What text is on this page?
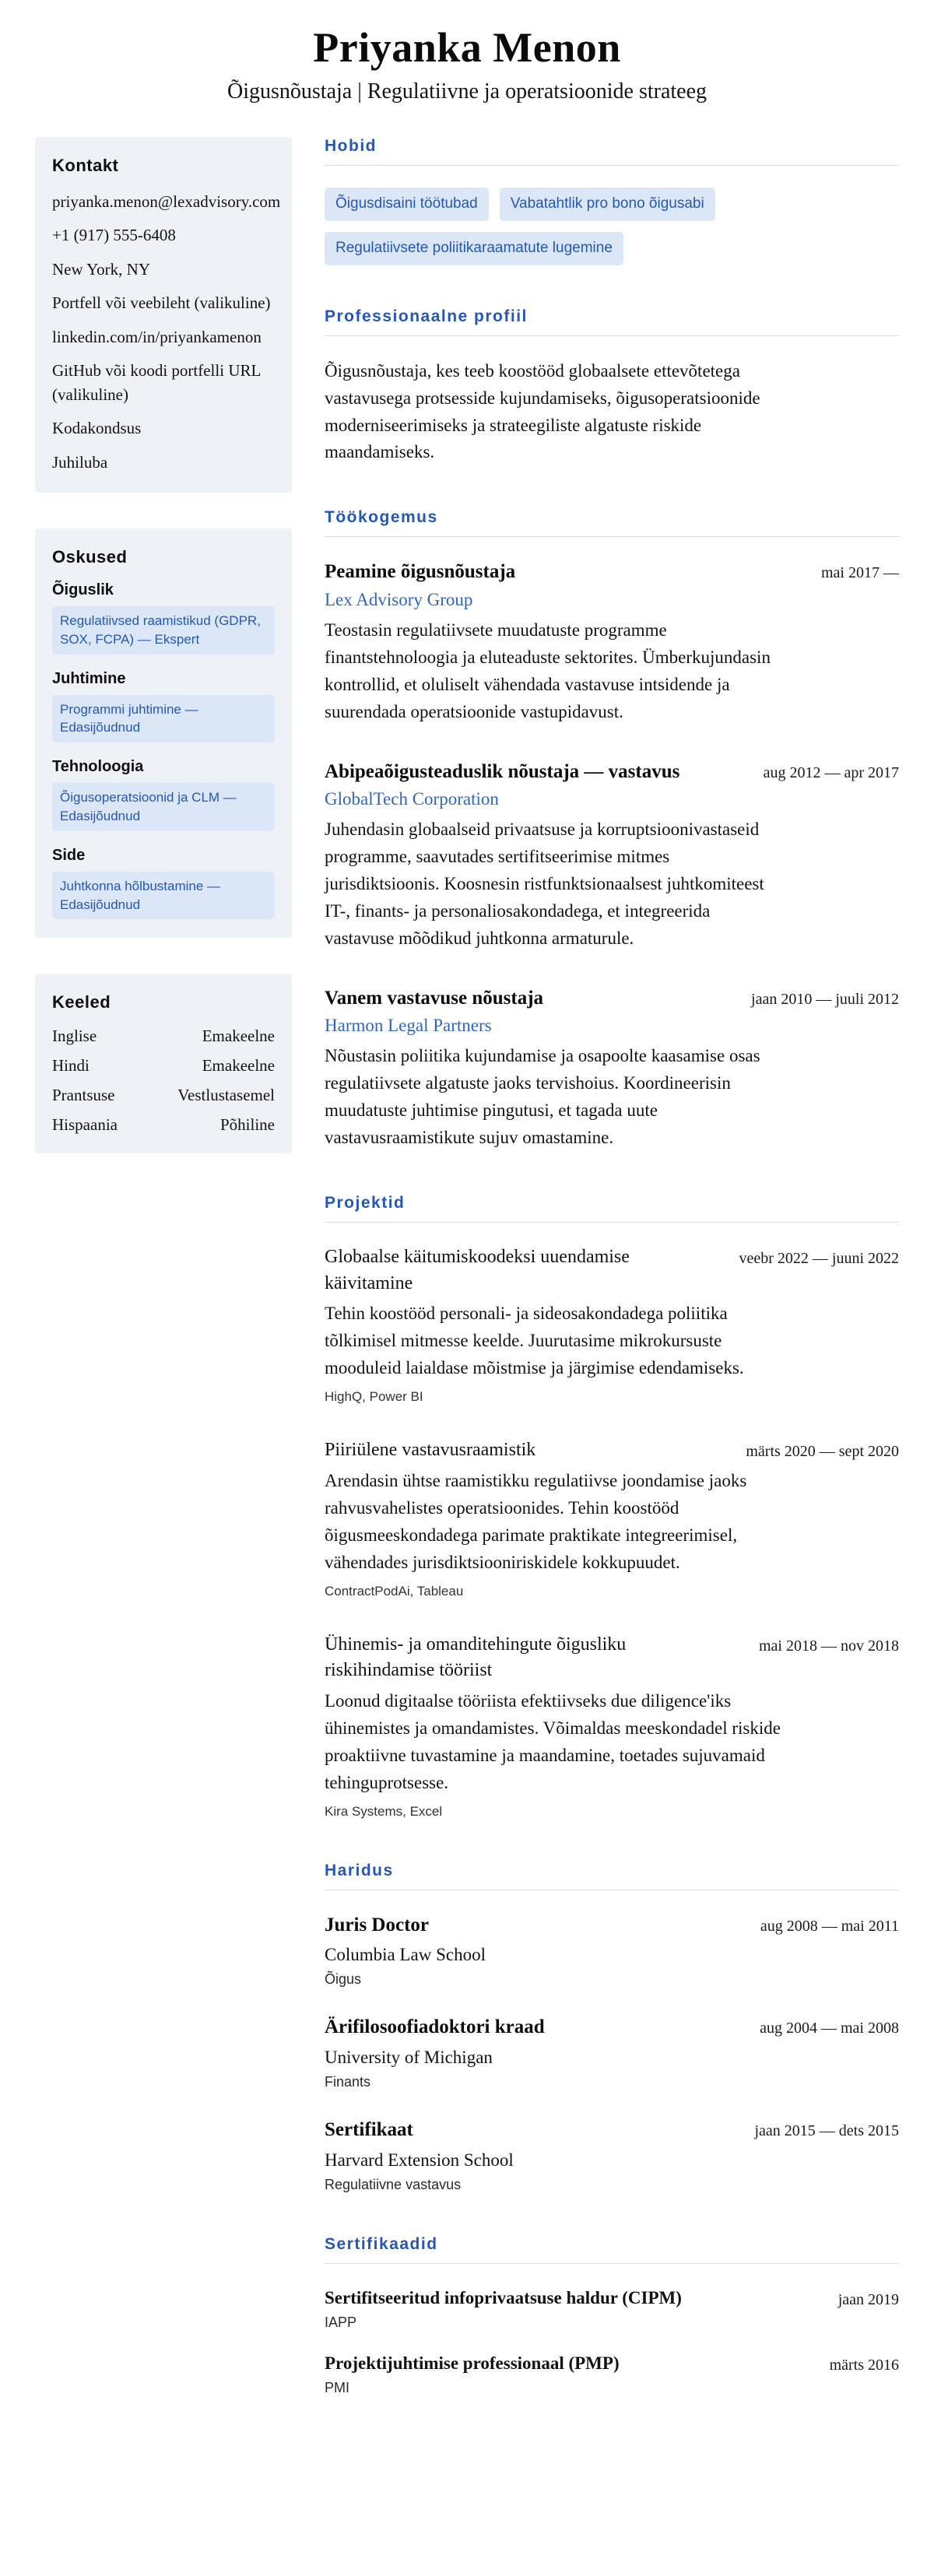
Priyanka Menon

Õigusnõustaja | Regulatiivne ja operatsioonide strateeg

Kontakt
priyanka.menon@lexadvisory.com
+1 (917) 555-6408
New York, NY
Portfell või veebileht (valikuline)
linkedin.com/in/priyankamenon
GitHub või koodi portfelli URL (valikuline)
Kodakondsus
Juhiluba
Oskused
Õiguslik
Regulatiivsed raamistikud (GDPR, SOX, FCPA) — Ekspert
Juhtimine
Programmi juhtimine — Edasijõudnud
Tehnoloogia
Õigusoperatsioonid ja CLM — Edasijõudnud
Side
Juhtkonna hõlbustamine — Edasijõudnud
Keeled
Inglise	Emakeelne
Hindi	Emakeelne
Prantsuse	Vestlustasemel
Hispaania	Põhiline
Hobid
Õigusdisaini töötubad	Vabatahtlik pro bono õigusabi
Regulatiivsete poliitikaraamatute lugemine
Professionaalne profiil

Õigusnõustaja, kes teeb koostööd globaalsete ettevõtetega vastavusega protsesside kujundamiseks, õigusoperatsioonide moderniseerimiseks ja strateegiliste algatuste riskide maandamiseks.

Töökogemus
Peamine õigusnõustaja
Lex Advisory Group

Teostasin regulatiivsete muudatuste programme finantstehnoloogia ja eluteaduste sektorites. Ümberkujundasin kontrollid, et oluliselt vähendada vastavuse intsidende ja suurendada operatsioonide vastupidavust.

mai 2017 —
Abipeaõigusteaduslik nõustaja — vastavus
GlobalTech Corporation

Juhendasin globaalseid privaatsuse ja korruptsioonivastaseid programme, saavutades sertifitseerimise mitmes jurisdiktsioonis. Koosnesin ristfunktsionaalsest juhtkomiteest IT-, finants- ja personaliosakondadega, et integreerida vastavuse mõõdikud juhtkonna armaturule.

aug 2012 — apr 2017
Vanem vastavuse nõustaja
Harmon Legal Partners

Nõustasin poliitika kujundamise ja osapoolte kaasamise osas regulatiivsete algatuste jaoks tervishoius. Koordineerisin muudatuste juhtimise pingutusi, et tagada uute vastavusraamistikute sujuv omastamine.

jaan 2010 — juuli 2012
Projektid
Globaalse käitumiskoodeksi uuendamise käivitamine

Tehin koostööd personali- ja sideosakondadega poliitika tõlkimisel mitmesse keelde. Juurutasime mikrokursuste mooduleid laialdase mõistmise ja järgimise edendamiseks.

HighQ, Power BI

veebr 2022 — juuni 2022
Piiriülene vastavusraamistik

Arendasin ühtse raamistikku regulatiivse joondamise jaoks rahvusvahelistes operatsioonides. Tehin koostööd õigusmeeskondadega parimate praktikate integreerimisel, vähendades jurisdiktsiooniriskidele kokkupuudet.

ContractPodAi, Tableau

märts 2020 — sept 2020
Ühinemis- ja omanditehingute õigusliku riskihindamise tööriist

Loonud digitaalse tööriista efektiivseks due diligence'iks ühinemistes ja omandamistes. Võimaldas meeskondadel riskide proaktiivne tuvastamine ja maandamine, toetades sujuvamaid tehinguprotsesse.

Kira Systems, Excel

mai 2018 — nov 2018
Haridus
Juris Doctor

Columbia Law School

Õigus

aug 2008 — mai 2011
Ärifilosoofiadoktori kraad

University of Michigan

Finants

aug 2004 — mai 2008
Sertifikaat

Harvard Extension School

Regulatiivne vastavus

jaan 2015 — dets 2015
Sertifikaadid
Sertifitseeritud infoprivaatsuse haldur (CIPM)

IAPP

jaan 2019
Projektijuhtimise professionaal (PMP)

PMI

märts 2016
